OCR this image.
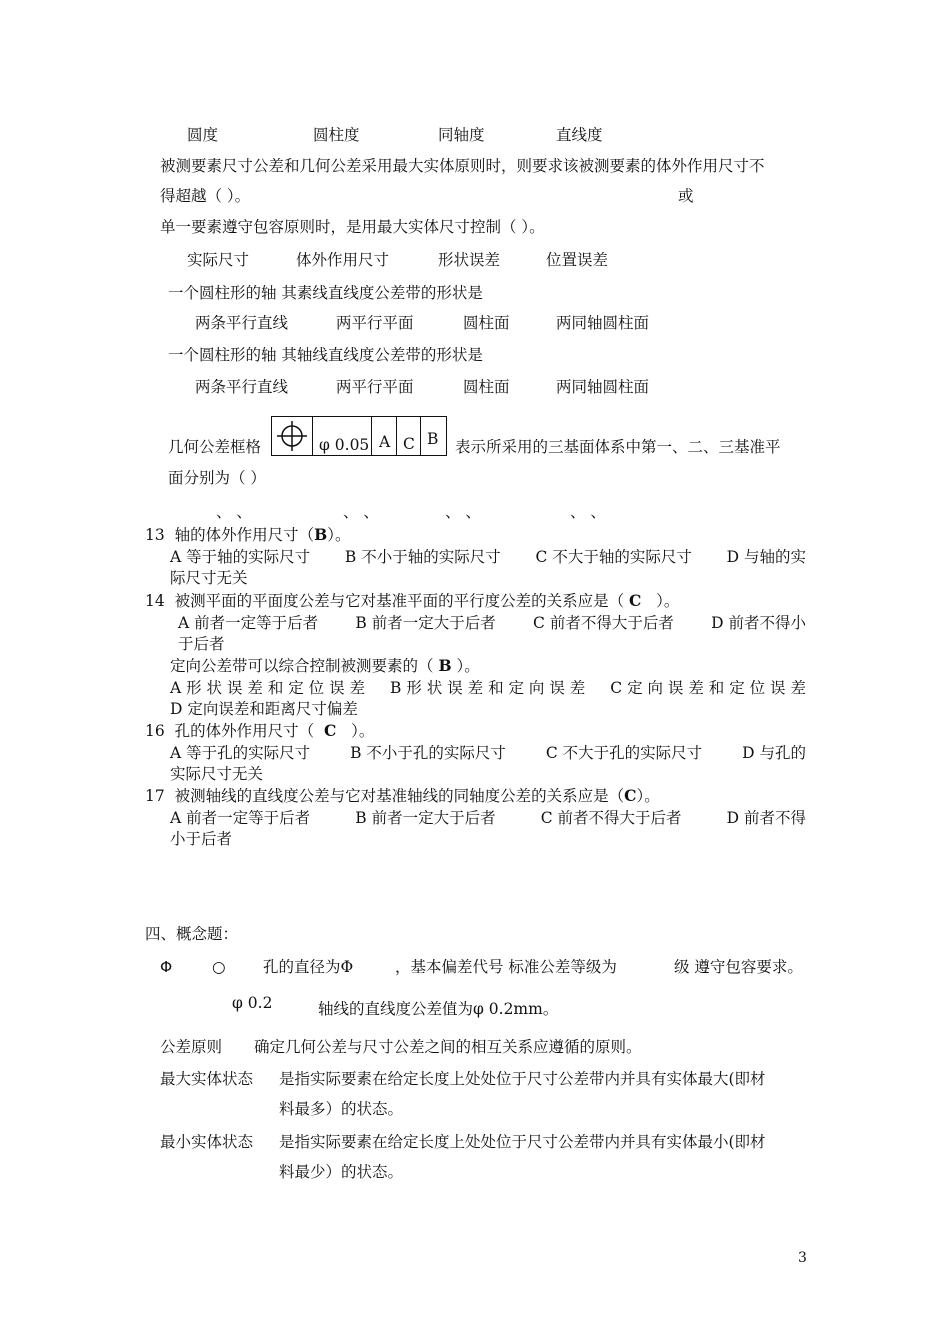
圆度	圆柱度	同轴度	直线度
被测要素尺寸公差和几何公差采用最大实体原则时，则要求该被测要素的体外作用尺寸不
得超越（ ）。	或
单一要素遵守包容原则时，是用最大实体尺寸控制（ ）。
实际尺寸	体外作用尺寸	形状误差	位置误差
一个圆柱形的轴 其素线直线度公差带的形状是
两条平行直线	两平行平面	圆柱面	两同轴圆柱面
一个圆柱形的轴 其轴线直线度公差带的形状是
两条平行直线	两平行平面	圆柱面	两同轴圆柱面
几何公差框格	φ 0.05 A C B 表示所采用的三基面体系中第一、二、三基准平
面分别为（ ）
、 、	、 、	、 、	、 、
13 轴的体外作用尺寸（B）。
A 等于轴的实际尺寸 B 不小于轴的实际尺寸 C 不大于轴的实际尺寸 D 与轴的实
际尺寸无关
14 被测平面的平面度公差与它对基准平面的平行度公差的关系应是（ C ）。
A 前者一定等于后者 B 前者一定大于后者 C 前者不得大于后者 D 前者不得小
于后者
定向公差带可以综合控制被测要素的（ B ）。
A 形 状 误 差 和 定 位 误 差 B 形 状 误 差 和 定 向 误 差 C 定 向 误 差 和 定 位 误 差
D 定向误差和距离尺寸偏差
16 孔的体外作用尺寸（ C ）。
A 等于孔的实际尺寸	B 不小于孔的实际尺寸	C 不大于孔的实际尺寸	D 与孔的
实际尺寸无关
17 被测轴线的直线度公差与它对基准轴线的同轴度公差的关系应是（C）。
A 前者一定等于后者	B 前者一定大于后者	C 前者不得大于后者	D 前者不得
小于后者
四、概念题：
Φ	○ 孔的直径为Φ	，基本偏差代号 标准公差等级为	级 遵守包容要求。
φ 0.2	轴线的直线度公差值为φ 0.2mm。
公差原则 确定几何公差与尺寸公差之间的相互关系应遵循的原则。
最大实体状态 是指实际要素在给定长度上处处位于尺寸公差带内并具有实体最大(即材
料最多）的状态。
最小实体状态 是指实际要素在给定长度上处处位于尺寸公差带内并具有实体最小(即材
料最少）的状态。
3
